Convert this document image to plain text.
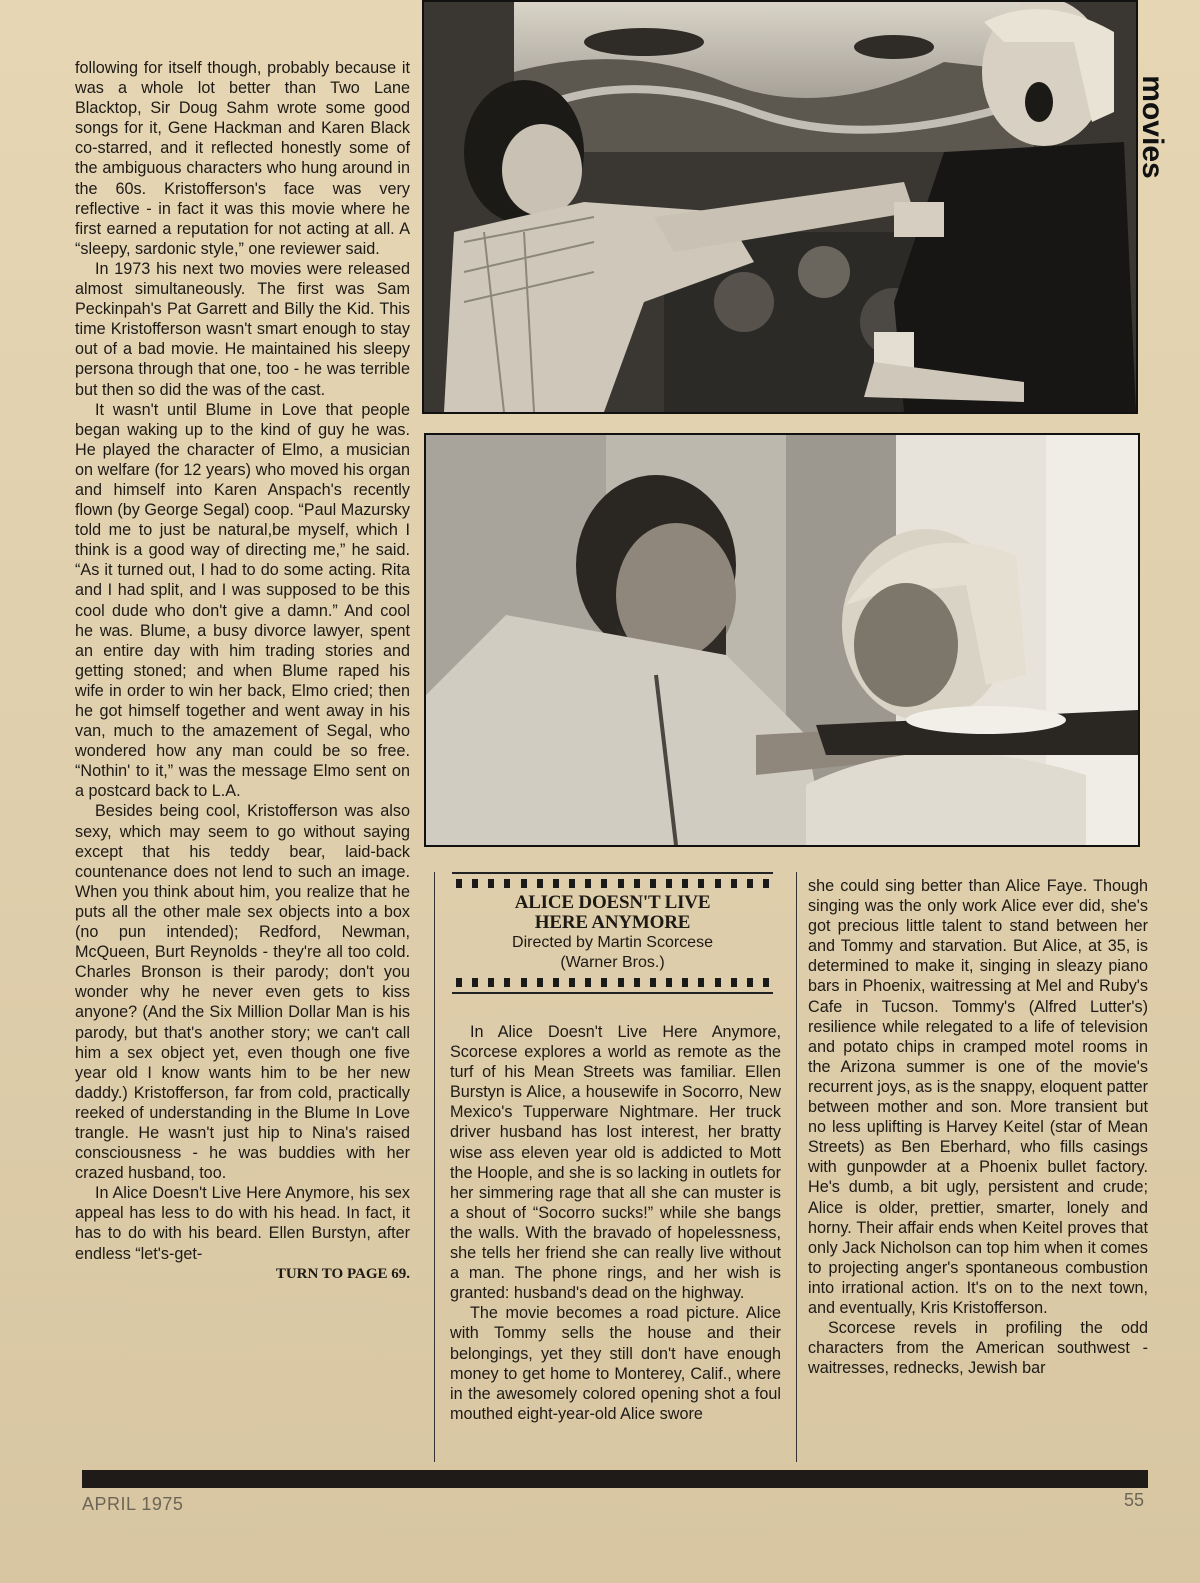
following for itself though, probably because it was a whole lot better than Two Lane Blacktop, Sir Doug Sahm wrote some good songs for it, Gene Hackman and Karen Black co-starred, and it reflected honestly some of the ambiguous characters who hung around in the 60s. Kristofferson's face was very reflective - in fact it was this movie where he first earned a reputation for not acting at all. A “sleepy, sardonic style,” one reviewer said.

In 1973 his next two movies were released almost simultaneously. The first was Sam Peckinpah's Pat Garrett and Billy the Kid. This time Kristofferson wasn't smart enough to stay out of a bad movie. He maintained his sleepy persona through that one, too - he was terrible but then so did the was of the cast.

It wasn't until Blume in Love that people began waking up to the kind of guy he was. He played the character of Elmo, a musician on welfare (for 12 years) who moved his organ and himself into Karen Anspach's recently flown (by George Segal) coop. “Paul Mazursky told me to just be natural,be myself, which I think is a good way of directing me,” he said. “As it turned out, I had to do some acting. Rita and I had split, and I was supposed to be this cool dude who don't give a damn.” And cool he was. Blume, a busy divorce lawyer, spent an entire day with him trading stories and getting stoned; and when Blume raped his wife in order to win her back, Elmo cried; then he got himself together and went away in his van, much to the amazement of Segal, who wondered how any man could be so free. “Nothin' to it,” was the message Elmo sent on a postcard back to L.A.

Besides being cool, Kristofferson was also sexy, which may seem to go without saying except that his teddy bear, laid-back countenance does not lend to such an image. When you think about him, you realize that he puts all the other male sex objects into a box (no pun intended); Redford, Newman, McQueen, Burt Reynolds - they're all too cold. Charles Bronson is their parody; don't you wonder why he never even gets to kiss anyone? (And the Six Million Dollar Man is his parody, but that's another story; we can't call him a sex object yet, even though one five year old I know wants him to be her new daddy.) Kristofferson, far from cold, practically reeked of understanding in the Blume In Love trangle. He wasn't just hip to Nina's raised consciousness - he was buddies with her crazed husband, too.

In Alice Doesn't Live Here Anymore, his sex appeal has less to do with his head. In fact, it has to do with his beard. Ellen Burstyn, after endless “let's-get-

TURN TO PAGE 69.
movies
ALICE DOESN'T LIVE
HERE ANYMORE
Directed by Martin Scorcese
(Warner Bros.)

In Alice Doesn't Live Here Anymore, Scorcese explores a world as remote as the turf of his Mean Streets was familiar. Ellen Burstyn is Alice, a housewife in Socorro, New Mexico's Tupperware Nightmare. Her truck driver husband has lost interest, her bratty wise ass eleven year old is addicted to Mott the Hoople, and she is so lacking in outlets for her simmering rage that all she can muster is a shout of “Socorro sucks!” while she bangs the walls. With the bravado of hopelessness, she tells her friend she can really live without a man. The phone rings, and her wish is granted: husband's dead on the highway.

The movie becomes a road picture. Alice with Tommy sells the house and their belongings, yet they still don't have enough money to get home to Monterey, Calif., where in the awesomely colored opening shot a foul mouthed eight-year-old Alice swore

she could sing better than Alice Faye. Though singing was the only work Alice ever did, she's got precious little talent to stand between her and Tommy and starvation. But Alice, at 35, is determined to make it, singing in sleazy piano bars in Phoenix, waitressing at Mel and Ruby's Cafe in Tucson. Tommy's (Alfred Lutter's) resilience while relegated to a life of television and potato chips in cramped motel rooms in the Arizona summer is one of the movie's recurrent joys, as is the snappy, eloquent patter between mother and son. More transient but no less uplifting is Harvey Keitel (star of Mean Streets) as Ben Eberhard, who fills casings with gunpowder at a Phoenix bullet factory. He's dumb, a bit ugly, persistent and crude; Alice is older, prettier, smarter, lonely and horny. Their affair ends when Keitel proves that only Jack Nicholson can top him when it comes to projecting anger's spontaneous combustion into irrational action. It's on to the next town, and eventually, Kris Kristofferson.

Scorcese revels in profiling the odd characters from the American southwest - waitresses, rednecks, Jewish bar

APRIL 1975	55
